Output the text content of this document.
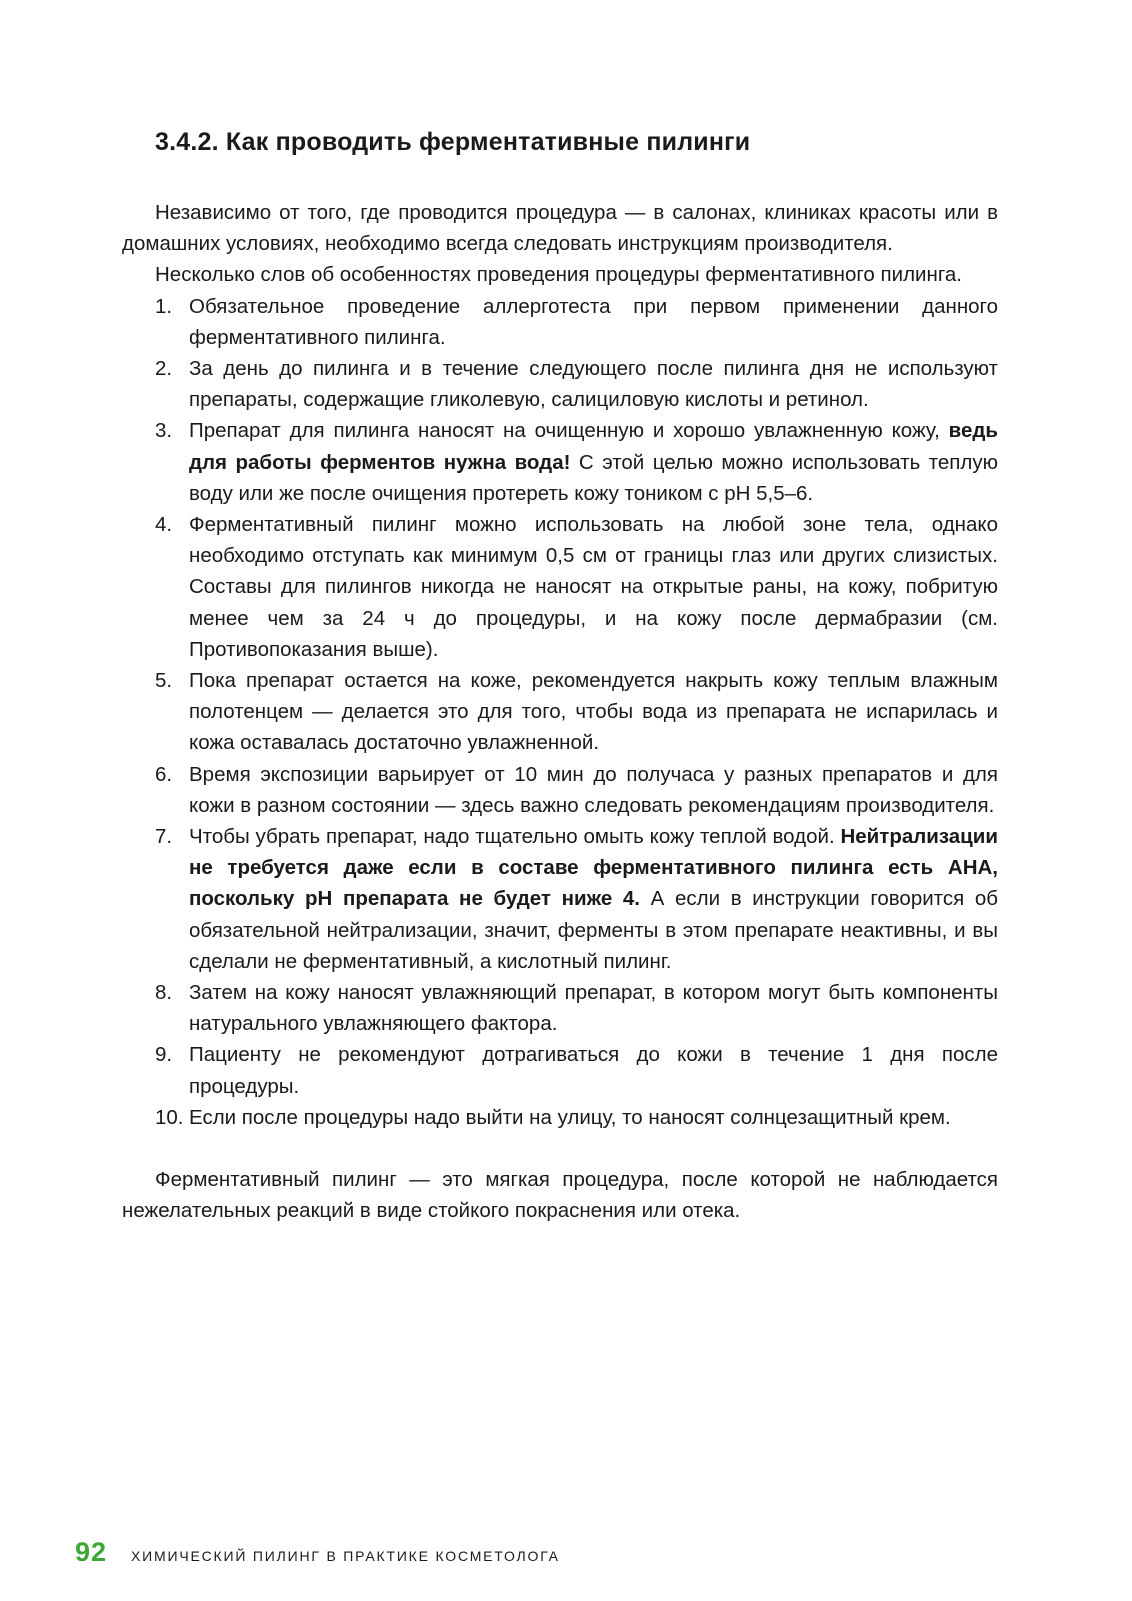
3.4.2. Как проводить ферментативные пилинги

Независимо от того, где проводится процедура — в салонах, клиниках красоты или в домашних условиях, необходимо всегда следовать инструкциям производителя.

Несколько слов об особенностях проведения процедуры ферментативного пилинга.

1. Обязательное проведение аллерготеста при первом применении данного ферментативного пилинга.
2. За день до пилинга и в течение следующего после пилинга дня не используют препараты, содержащие гликолевую, салициловую кислоты и ретинол.
3. Препарат для пилинга наносят на очищенную и хорошо увлажненную кожу, ведь для работы ферментов нужна вода! С этой целью можно использовать теплую воду или же после очищения протереть кожу тоником с pH 5,5–6.
4. Ферментативный пилинг можно использовать на любой зоне тела, однако необходимо отступать как минимум 0,5 см от границы глаз или других слизистых. Составы для пилингов никогда не наносят на открытые раны, на кожу, побритую менее чем за 24 ч до процедуры, и на кожу после дермабразии (см. Противопоказания выше).
5. Пока препарат остается на коже, рекомендуется накрыть кожу теплым влажным полотенцем — делается это для того, чтобы вода из препарата не испарилась и кожа оставалась достаточно увлажненной.
6. Время экспозиции варьирует от 10 мин до получаса у разных препаратов и для кожи в разном состоянии — здесь важно следовать рекомендациям производителя.
7. Чтобы убрать препарат, надо тщательно омыть кожу теплой водой. Нейтрализации не требуется даже если в составе ферментативного пилинга есть AHA, поскольку pH препарата не будет ниже 4. А если в инструкции говорится об обязательной нейтрализации, значит, ферменты в этом препарате неактивны, и вы сделали не ферментативный, а кислотный пилинг.
8. Затем на кожу наносят увлажняющий препарат, в котором могут быть компоненты натурального увлажняющего фактора.
9. Пациенту не рекомендуют дотрагиваться до кожи в течение 1 дня после процедуры.
10. Если после процедуры надо выйти на улицу, то наносят солнцезащитный крем.

Ферментативный пилинг — это мягкая процедура, после которой не наблюдается нежелательных реакций в виде стойкого покраснения или отека.

92 ХИМИЧЕСКИЙ ПИЛИНГ В ПРАКТИКЕ КОСМЕТОЛОГА
